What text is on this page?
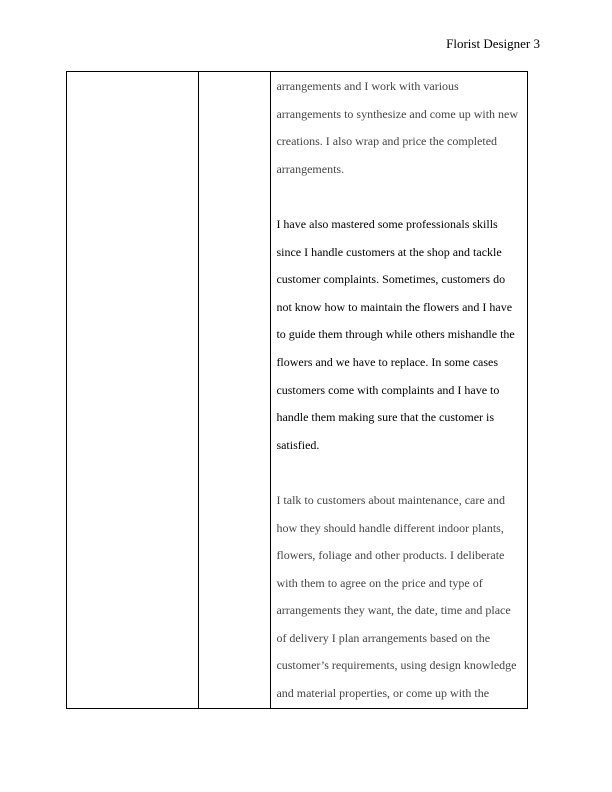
Florist Designer 3

arrangements and I work with various arrangements to synthesize and come up with new creations. I also wrap and price the completed arrangements.

I have also mastered some professionals skills since I handle customers at the shop and tackle customer complaints. Sometimes, customers do not know how to maintain the flowers and I have to guide them through while others mishandle the flowers and we have to replace. In some cases customers come with complaints and I have to handle them making sure that the customer is satisfied.

I talk to customers about maintenance, care and how they should handle different indoor plants, flowers, foliage and other products. I deliberate with them to agree on the price and type of arrangements they want, the date, time and place of delivery I plan arrangements based on the customer’s requirements, using design knowledge and material properties, or come up with the
